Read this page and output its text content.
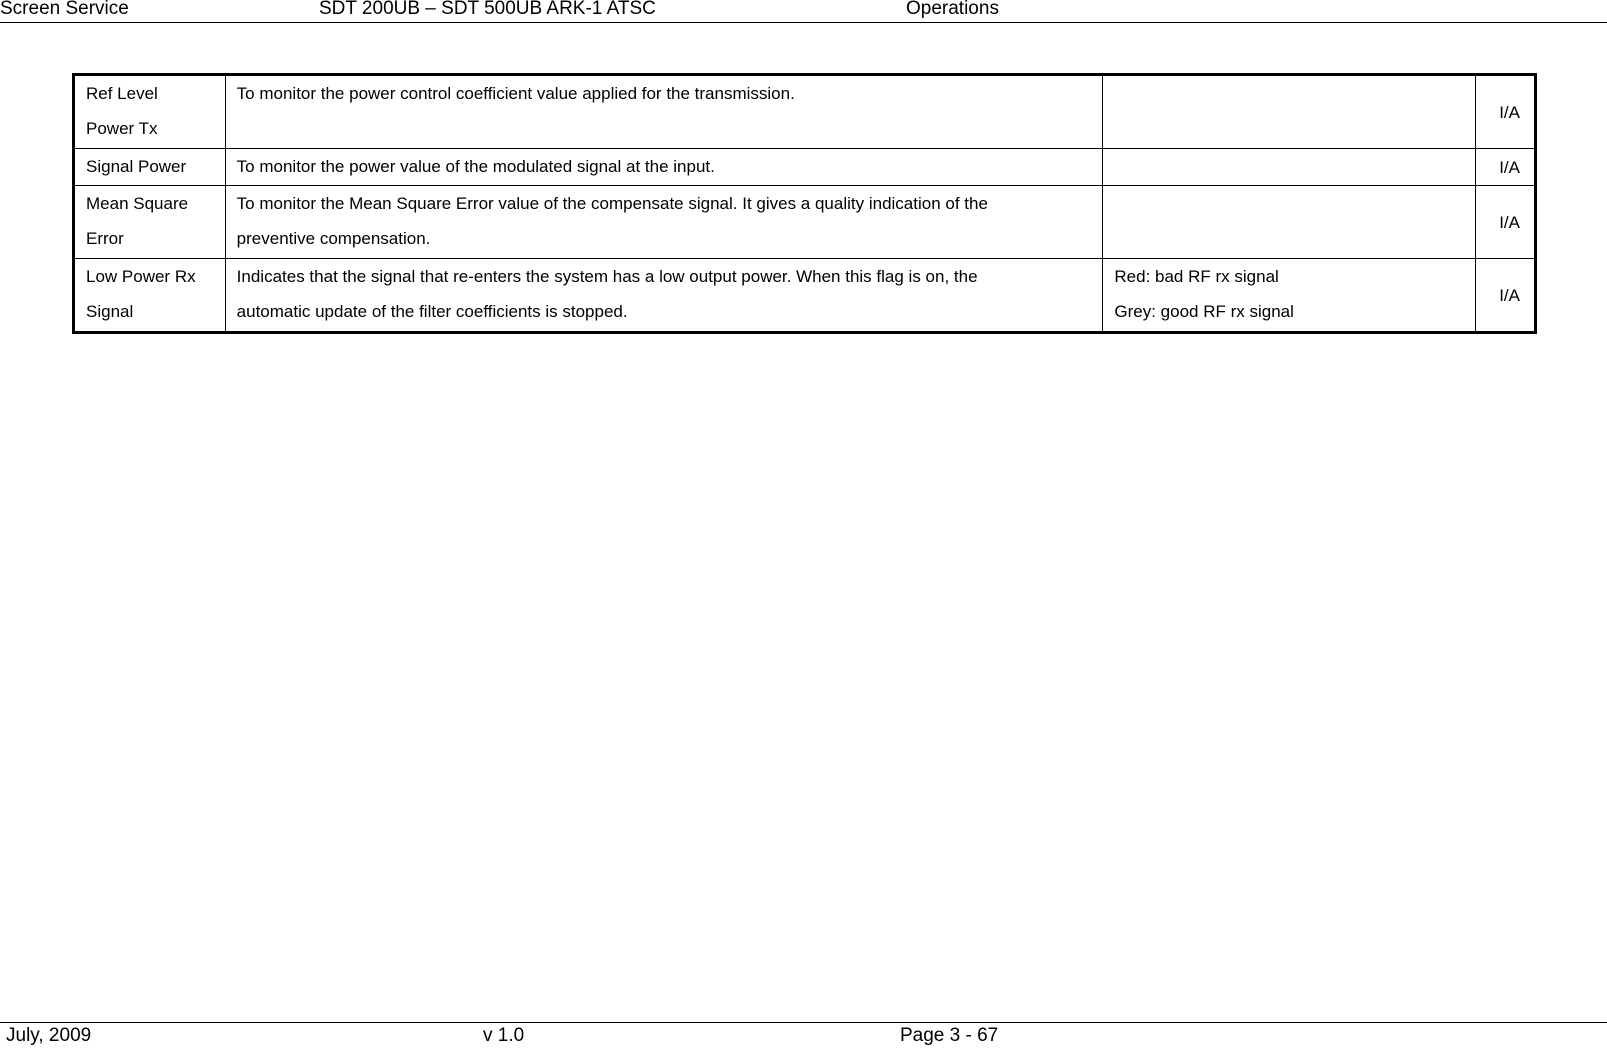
Screen Service	SDT 200UB – SDT 500UB ARK-1 ATSC	Operations
Ref Level
Power Tx	To monitor the power control coefficient value applied for the transmission.		I/A

Signal Power	To monitor the power value of the modulated signal at the input.		I/A

Mean Square
Error	To monitor the Mean Square Error value of the compensate signal. It gives a quality indication of the
preventive compensation.		I/A

Low Power Rx
Signal	Indicates that the signal that re-enters the system has a low output power. When this flag is on, the
automatic update of the filter coefficients is stopped.	Red: bad RF rx signal
Grey: good RF rx signal	I/A
July, 2009	v 1.0	Page 3 - 67
